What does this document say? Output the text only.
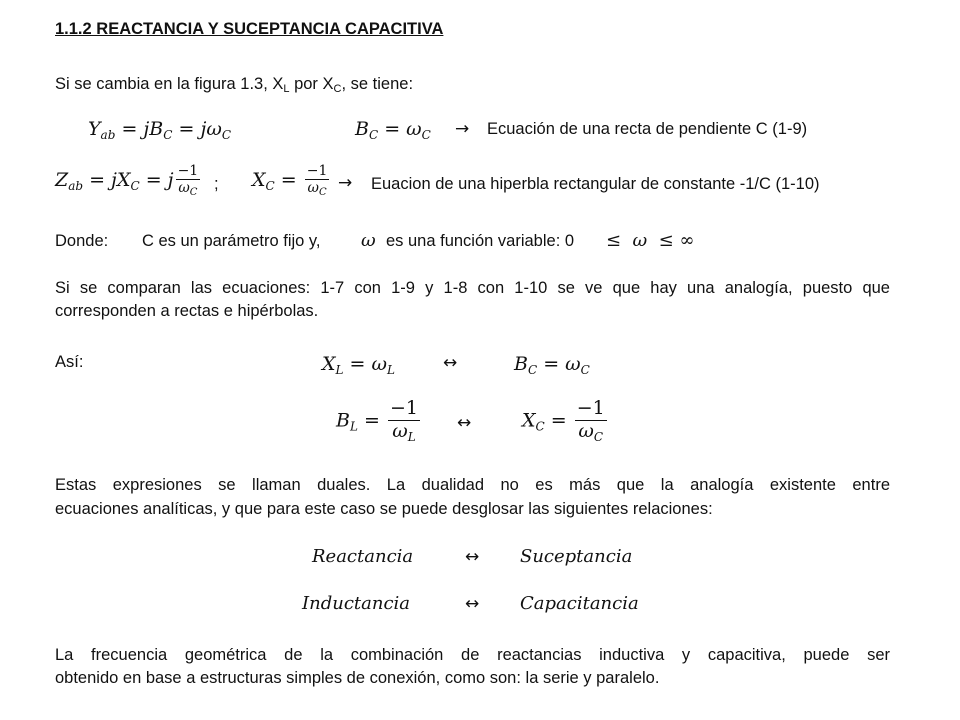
1.1.2 REACTANCIA Y SUCEPTANCIA CAPACITIVA
Si se cambia en la figura 1.3, $X_L$ por $X_C$, se tiene:
$Y_{ab} = jB_C = j\omega_C$	$B_C = \omega_C$ → Ecuación de una recta de pendiente C (1-9)
$Z_{ab} = jX_C = j \frac{-1}{\omega_C}$ ; $X_C = \frac{-1}{\omega_C}$ → Euacion de una hiperbla rectangular de constante -1/C (1-10)
Donde: C es un parámetro fijo y, ω es una función variable: 0 ≤  ω  ≤ ∞
Si se comparan las ecuaciones: 1-7 con 1-9 y 1-8 con 1-10 se ve que hay una analogía, puesto que
corresponden a rectas e hipérbolas.
Así:	$X_L = \omega_L$	↔	$B_C = \omega_C$
$B_L = \frac{-1}{\omega_L}$ ↔	$X_C = \frac{-1}{\omega_C}$
Estas expresiones se llaman duales. La dualidad no es más que la analogía existente entre
ecuaciones analíticas, y que para este caso se puede desglosar las siguientes relaciones:
Reactancia	↔ Suceptancia
Inductancia	↔ Capacitancia
La frecuencia geométrica de la combinación de reactancias inductiva y capacitiva, puede ser
obtenido en base a estructuras simples de conexión, como son: la serie y paralelo.
